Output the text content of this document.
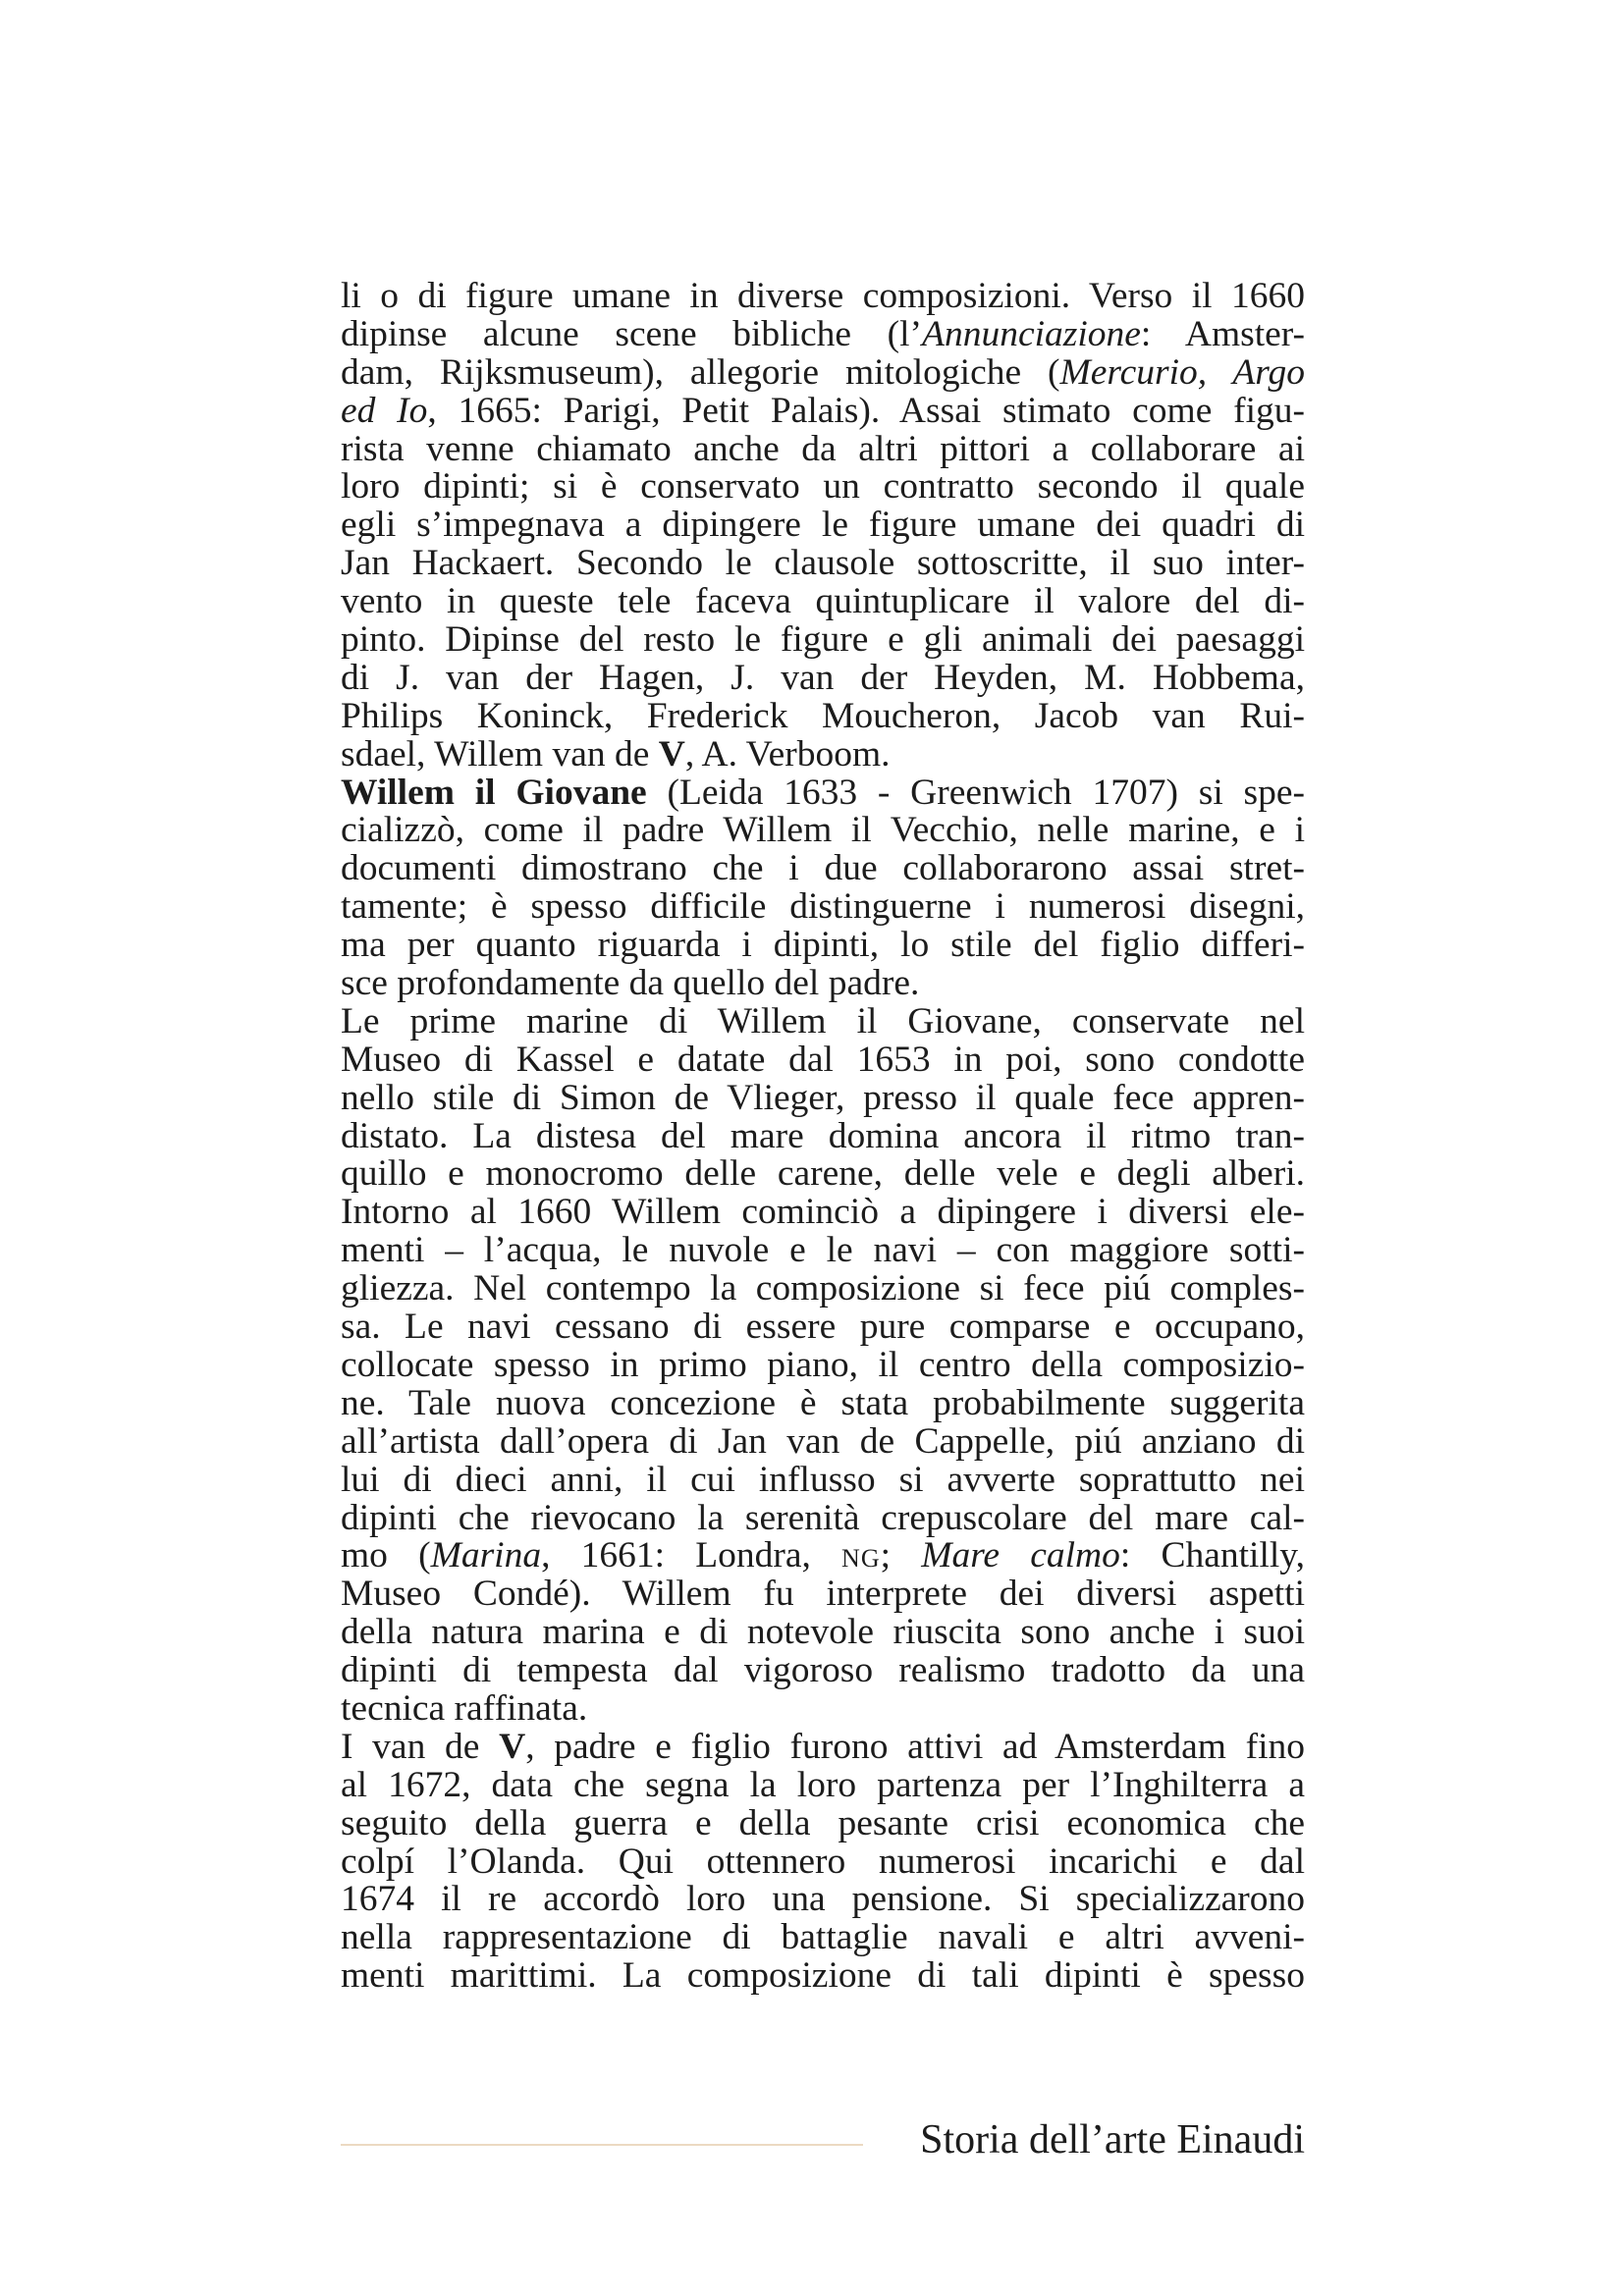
li o di figure umane in diverse composizioni. Verso il 1660
dipinse alcune scene bibliche (l’Annunciazione: Amster-
dam, Rijksmuseum), allegorie mitologiche (Mercurio, Argo
ed Io, 1665: Parigi, Petit Palais). Assai stimato come figu-
rista venne chiamato anche da altri pittori a collaborare ai
loro dipinti; si è conservato un contratto secondo il quale
egli s’impegnava a dipingere le figure umane dei quadri di
Jan Hackaert. Secondo le clausole sottoscritte, il suo inter-
vento in queste tele faceva quintuplicare il valore del di-
pinto. Dipinse del resto le figure e gli animali dei paesaggi
di J. van der Hagen, J. van der Heyden, M. Hobbema,
Philips Koninck, Frederick Moucheron, Jacob van Rui-
sdael, Willem van de V, A. Verboom.
Willem il Giovane (Leida 1633 - Greenwich 1707) si spe-
cializzò, come il padre Willem il Vecchio, nelle marine, e i
documenti dimostrano che i due collaborarono assai stret-
tamente; è spesso difficile distinguerne i numerosi disegni,
ma per quanto riguarda i dipinti, lo stile del figlio differi-
sce profondamente da quello del padre.
Le prime marine di Willem il Giovane, conservate nel
Museo di Kassel e datate dal 1653 in poi, sono condotte
nello stile di Simon de Vlieger, presso il quale fece appren-
distato. La distesa del mare domina ancora il ritmo tran-
quillo e monocromo delle carene, delle vele e degli alberi.
Intorno al 1660 Willem cominciò a dipingere i diversi ele-
menti – l’acqua, le nuvole e le navi – con maggiore sotti-
gliezza. Nel contempo la composizione si fece piú comples-
sa. Le navi cessano di essere pure comparse e occupano,
collocate spesso in primo piano, il centro della composizio-
ne. Tale nuova concezione è stata probabilmente suggerita
all’artista dall’opera di Jan van de Cappelle, piú anziano di
lui di dieci anni, il cui influsso si avverte soprattutto nei
dipinti che rievocano la serenità crepuscolare del mare cal-
mo (Marina, 1661: Londra, NG; Mare calmo: Chantilly,
Museo Condé). Willem fu interprete dei diversi aspetti
della natura marina e di notevole riuscita sono anche i suoi
dipinti di tempesta dal vigoroso realismo tradotto da una
tecnica raffinata.
I van de V, padre e figlio furono attivi ad Amsterdam fino
al 1672, data che segna la loro partenza per l’Inghilterra a
seguito della guerra e della pesante crisi economica che
colpí l’Olanda. Qui ottennero numerosi incarichi e dal
1674 il re accordò loro una pensione. Si specializzarono
nella rappresentazione di battaglie navali e altri avveni-
menti marittimi. La composizione di tali dipinti è spesso
Storia dell’arte Einaudi
